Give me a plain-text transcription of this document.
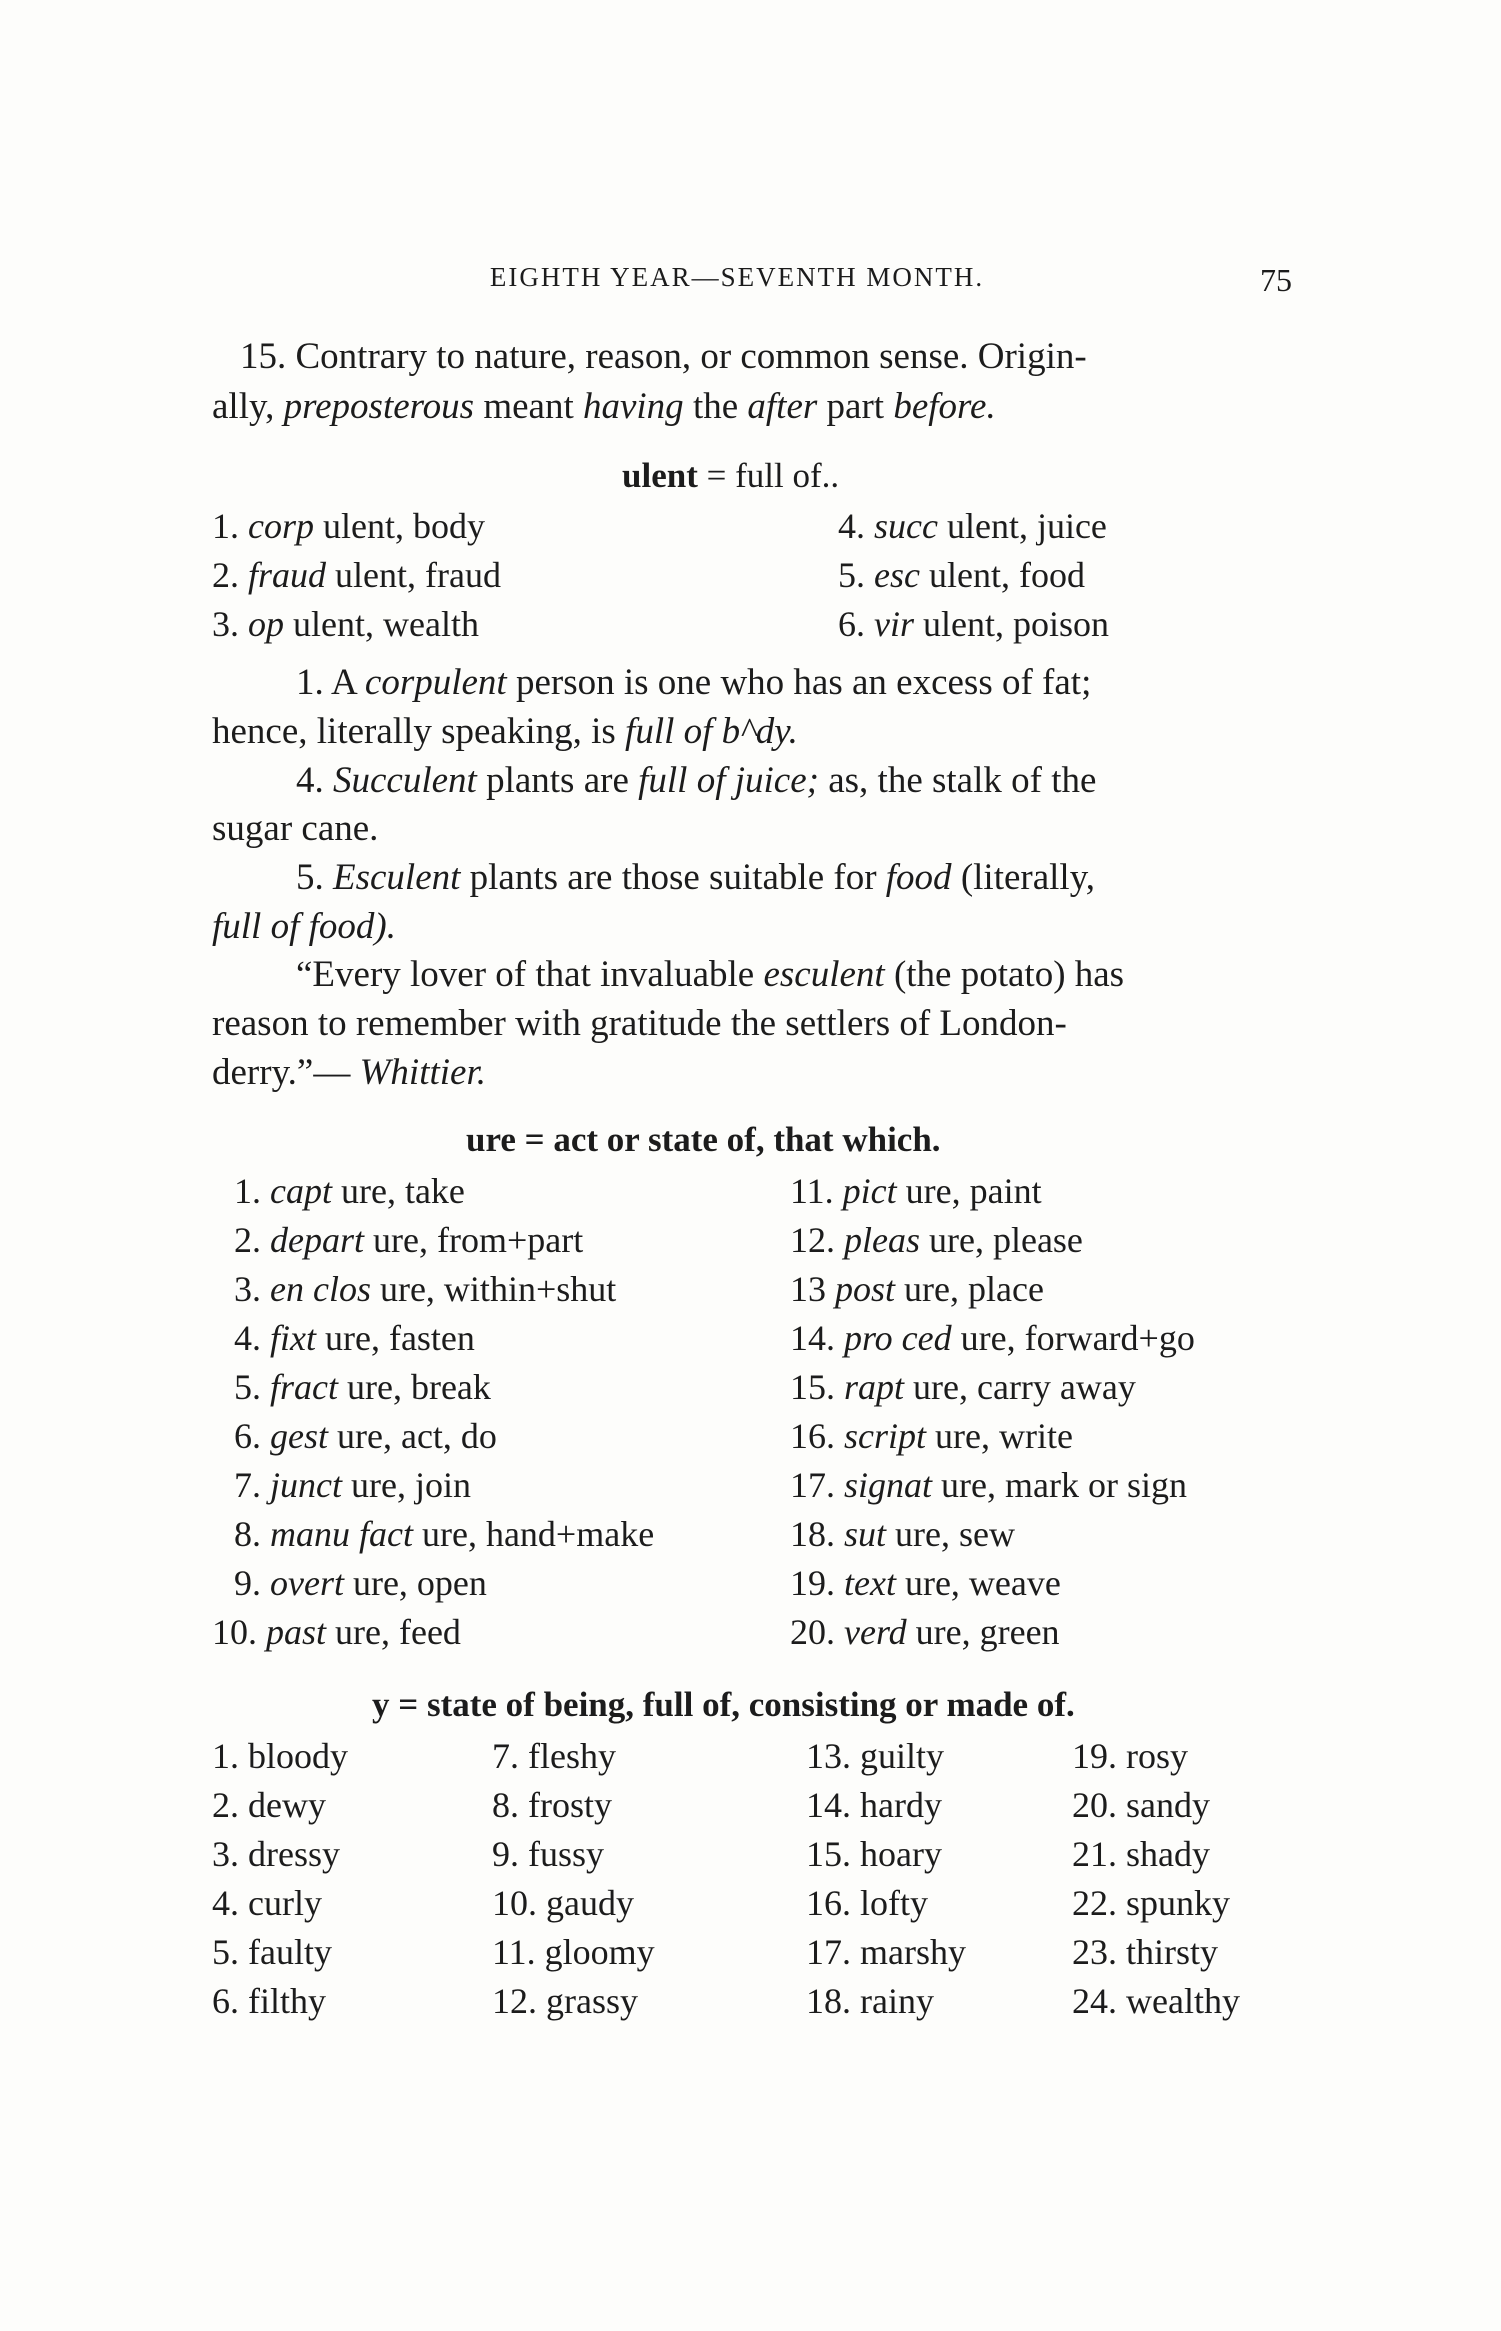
EIGHTH YEAR—SEVENTH MONTH.	75
15. Contrary to nature, reason, or common sense. Origin-
ally, preposterous meant having the after part before.
ulent = full of..
1. corp ulent, body
2. fraud ulent, fraud
3. op ulent, wealth
4. succ ulent, juice
5. esc ulent, food
6. vir ulent, poison
1. A corpulent person is one who has an excess of fat;
hence, literally speaking, is full of b^dy.
4. Succulent plants are full of juice; as, the stalk of the
sugar cane.
5. Esculent plants are those suitable for food (literally,
full of food).
“Every lover of that invaluable esculent (the potato) has
reason to remember with gratitude the settlers of London-
derry.”— Whittier.
ure = act or state of, that which.
1. capt ure, take
2. depart ure, from+part
3. en clos ure, within+shut
4. fixt ure, fasten
5. fract ure, break
6. gest ure, act, do
7. junct ure, join
8. manu fact ure, hand+make
9. overt ure, open
10. past ure, feed
11. pict ure, paint
12. pleas ure, please
13 post ure, place
14. pro ced ure, forward+go
15. rapt ure, carry away
16. script ure, write
17. signat ure, mark or sign
18. sut ure, sew
19. text ure, weave
20. verd ure, green
y = state of being, full of, consisting or made of.
1. bloody
2. dewy
3. dressy
4. curly
5. faulty
6. filthy
7. fleshy
8. frosty
9. fussy
10. gaudy
11. gloomy
12. grassy
13. guilty
14. hardy
15. hoary
16. lofty
17. marshy
18. rainy
19. rosy
20. sandy
21. shady
22. spunky
23. thirsty
24. wealthy
